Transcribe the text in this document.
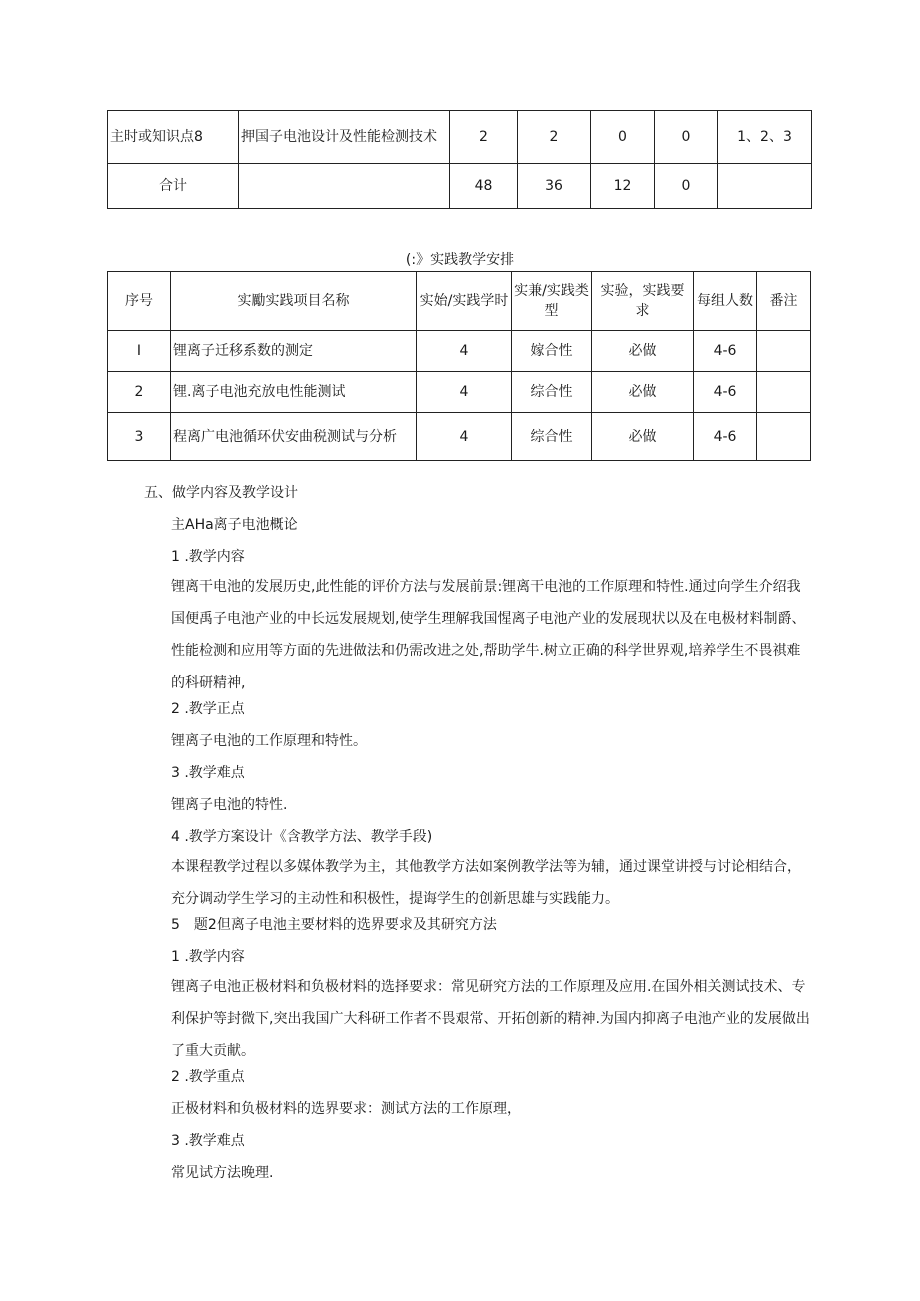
主时或知识点8	押国子电池设计及性能检测技术	2	2	0	0	1、2、3
合计		48	36	12	0	
(:》实践教学安排
序号	实勵实践项目名称	实始/实践学时	实兼/实践类型	实验，实践要求	每组人数	番注
I	锂离子迁移系数的测定	4	嫁合性	必做	4-6	
2	锂.离子电池充放电性能测试	4	综合性	必做	4-6	
3	程离广电池循环伏安曲税测试与分析	4	综合性	必做	4-6	
五、做学内容及教学设计
主AHa离子电池概论
1 .教学内容
锂离干电池的发展历史,此性能的评价方法与发展前景:锂离干电池的工作原理和特性.通过向学生介绍我国便禹子电池产业的中长远发展规划,使学生理解我国惺离子电池产业的发展现状以及在电极材料制爵、性能检测和应用等方面的先进做法和仍需改进之处,帮助学牛.树立正确的科学世界观,培养学生不畏祺难的科研精神,
2 .教学正点
锂离子电池的工作原理和特性。
3 .教学难点
锂离子电池的特性.
4 .教学方案设计《含教学方法、教学手段)
本课程教学过程以多媒体教学为主，其他教学方法如案例教学法等为辅，通过课堂讲授与讨论相结合，充分调动学生学习的主动性和积极性，提诲学生的创新思雄与实践能力。
5　题2但离子电池主要材料的选界要求及其研究方法
1 .教学内容
锂离子电池正极材料和负极材料的选择要求：常见研究方法的工作原理及应用.在国外相关测试技术、专利保护等封微下,突出我国广大科研工作者不畏艰常、开拓创新的精神.为国内抑离子电池产业的发展做出了重大贡献。
2 .教学重点
正极材料和负极材料的选界要求：测试方法的工作原理，
3 .教学难点
常见试方法晚理.
